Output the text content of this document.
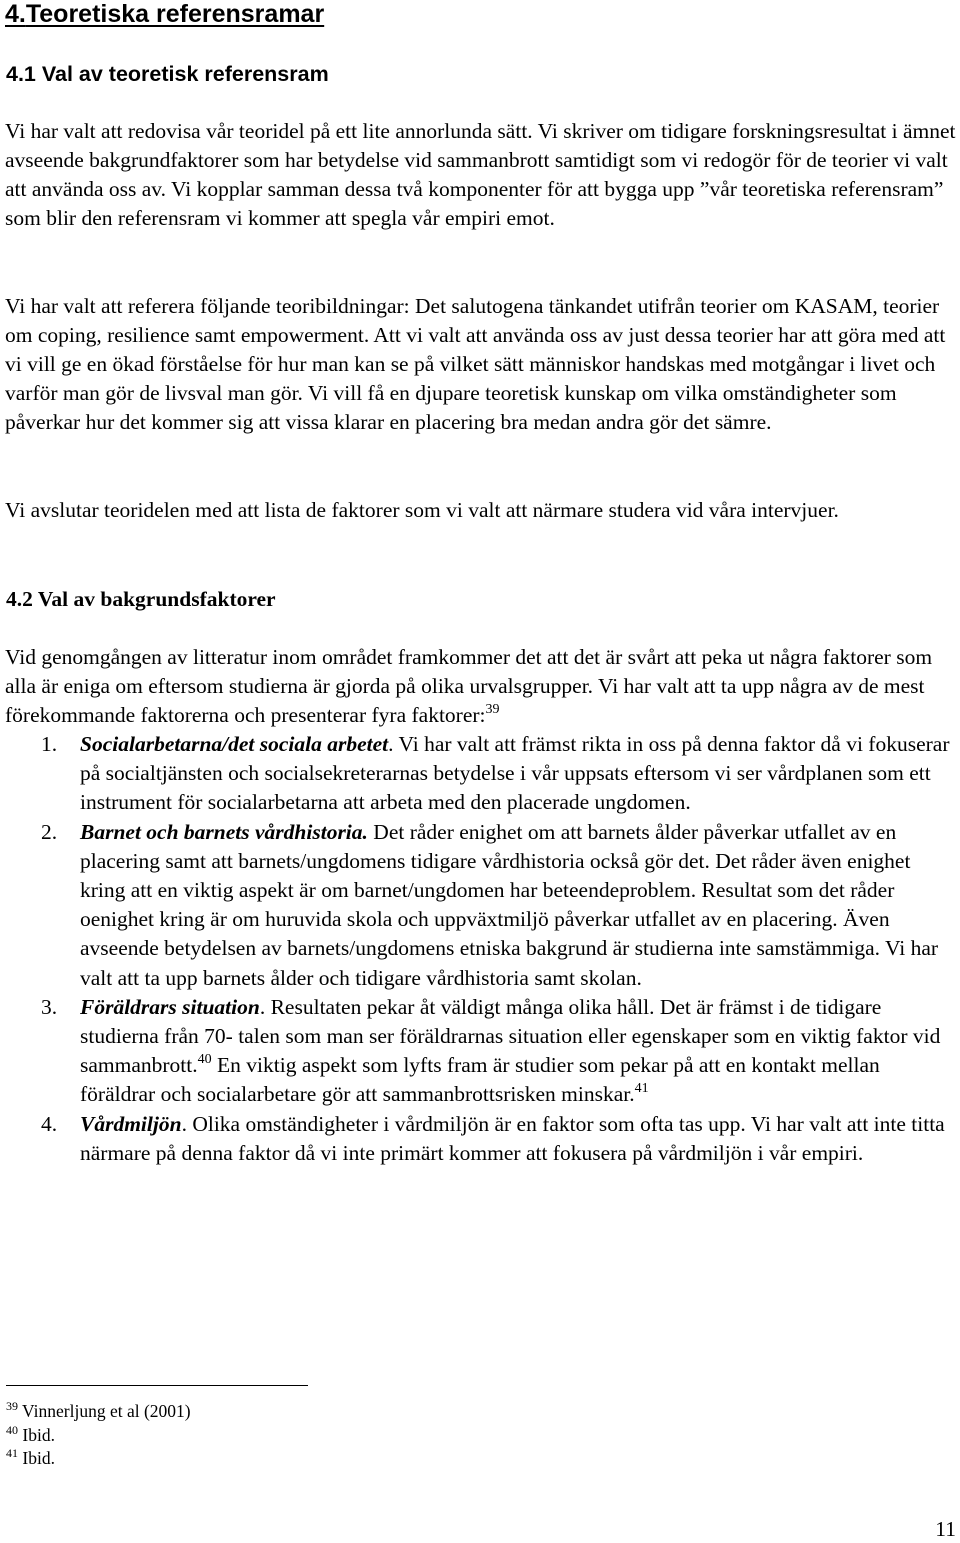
4.Teoretiska referensramar
4.1 Val av teoretisk referensram

Vi har valt att redovisa vår teoridel på ett lite annorlunda sätt. Vi skriver om tidigare forskningsresultat i ämnet avseende bakgrundfaktorer som har betydelse vid sammanbrott samtidigt som vi redogör för de teorier vi valt att använda oss av. Vi kopplar samman dessa två komponenter för att bygga upp ”vår teoretiska referensram” som blir den referensram vi kommer att spegla vår empiri emot.

Vi har valt att referera följande teoribildningar: Det salutogena tänkandet utifrån teorier om KASAM, teorier om coping, resilience samt empowerment. Att vi valt att använda oss av just dessa teorier har att göra med att vi vill ge en ökad förståelse för hur man kan se på vilket sätt människor handskas med motgångar i livet och varför man gör de livsval man gör. Vi vill få en djupare teoretisk kunskap om vilka omständigheter som påverkar hur det kommer sig att vissa klarar en placering bra medan andra gör det sämre.

Vi avslutar teoridelen med att lista de faktorer som vi valt att närmare studera vid våra intervjuer.

4.2 Val av bakgrundsfaktorer

Vid genomgången av litteratur inom området framkommer det att det är svårt att peka ut några faktorer som alla är eniga om eftersom studierna är gjorda på olika urvalsgrupper. Vi har valt att ta upp några av de mest förekommande faktorerna och presenterar fyra faktorer:$^{39}$

1. Socialarbetarna/det sociala arbetet. Vi har valt att främst rikta in oss på denna faktor då vi fokuserar på socialtjänsten och socialsekreterarnas betydelse i vår uppsats eftersom vi ser vårdplanen som ett instrument för socialarbetarna att arbeta med den placerade ungdomen.
2. Barnet och barnets vårdhistoria. Det råder enighet om att barnets ålder påverkar utfallet av en placering samt att barnets/ungdomens tidigare vårdhistoria också gör det. Det råder även enighet kring att en viktig aspekt är om barnet/ungdomen har beteendeproblem. Resultat som det råder oenighet kring är om huruvida skola och uppväxtmiljö påverkar utfallet av en placering. Även avseende betydelsen av barnets/ungdomens etniska bakgrund är studierna inte samstämmiga. Vi har valt att ta upp barnets ålder och tidigare vårdhistoria samt skolan.
3. Föräldrars situation. Resultaten pekar åt väldigt många olika håll. Det är främst i de tidigare studierna från 70- talen som man ser föräldrarnas situation eller egenskaper som en viktig faktor vid sammanbrott.$^{40}$ En viktig aspekt som lyfts fram är studier som pekar på att en kontakt mellan föräldrar och socialarbetare gör att sammanbrottsrisken minskar.$^{41}$
4. Vårdmiljön. Olika omständigheter i vårdmiljön är en faktor som ofta tas upp. Vi har valt att inte titta närmare på denna faktor då vi inte primärt kommer att fokusera på vårdmiljön i vår empiri.

$^{39}$ Vinnerljung et al (2001)

$^{40}$ Ibid.

$^{41}$ Ibid.

11
